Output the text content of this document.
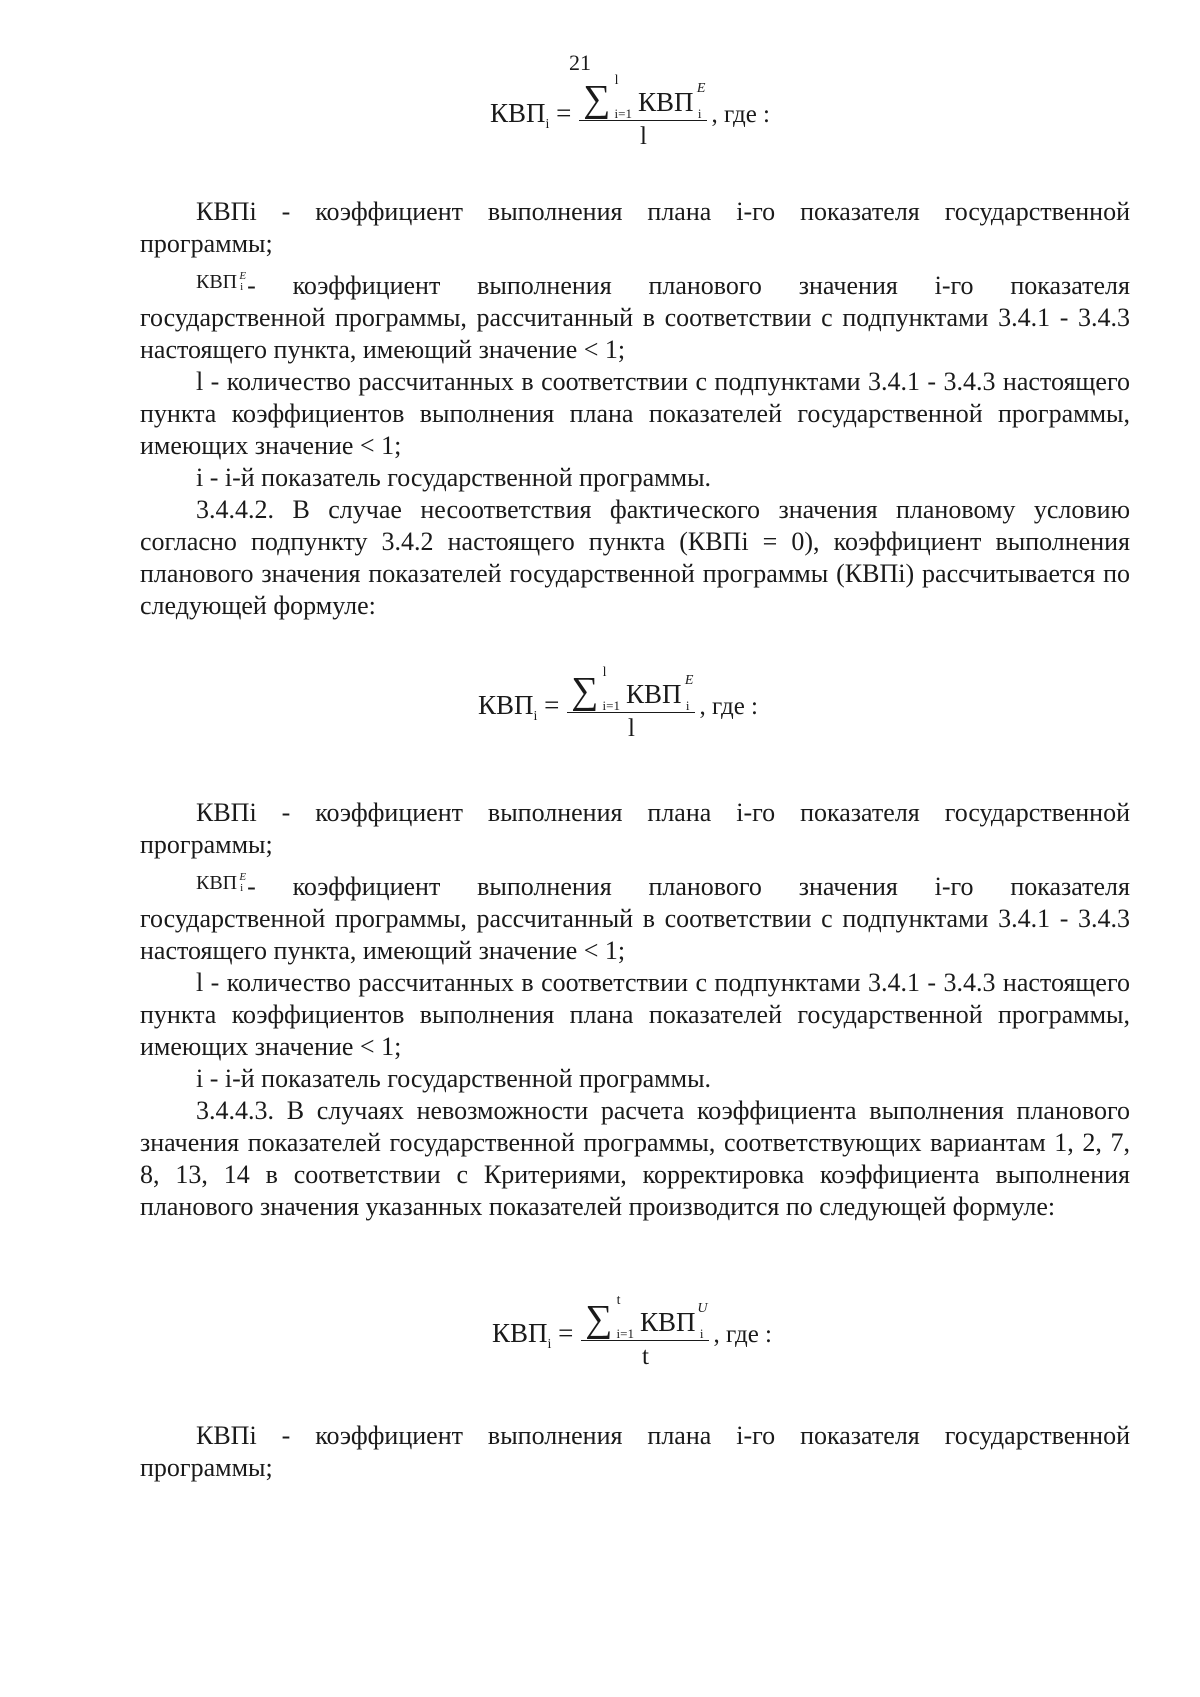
21
$КВП_i$ = ∑ l
i=1 КВП E
i
l , где :

КВПi - коэффициент выполнения плана i-го показателя государственной программы;

КВП E
i - коэффициент выполнения планового значения i-го показателя государственной программы, рассчитанный в соответствии с подпунктами 3.4.1 - 3.4.3 настоящего пункта, имеющий значение < 1;

l - количество рассчитанных в соответствии с подпунктами 3.4.1 - 3.4.3 настоящего пункта коэффициентов выполнения плана показателей государственной программы, имеющих значение < 1;

i - i-й показатель государственной программы.

3.4.4.2. В случае несоответствия фактического значения плановому условию согласно подпункту 3.4.2 настоящего пункта (КВПi = 0), коэффициент выполнения планового значения показателей государственной программы (КВПi) рассчитывается по следующей формуле:

$КВП_i$ = ∑ l
i=1 КВП E
i
l , где :

КВПi - коэффициент выполнения плана i-го показателя государственной программы;

КВП E
i - коэффициент выполнения планового значения i-го показателя государственной программы, рассчитанный в соответствии с подпунктами 3.4.1 - 3.4.3 настоящего пункта, имеющий значение < 1;

l - количество рассчитанных в соответствии с подпунктами 3.4.1 - 3.4.3 настоящего пункта коэффициентов выполнения плана показателей государственной программы, имеющих значение < 1;

i - i-й показатель государственной программы.

3.4.4.3. В случаях невозможности расчета коэффициента выполнения планового значения показателей государственной программы, соответствующих вариантам 1, 2, 7, 8, 13, 14 в соответствии с Критериями, корректировка коэффициента выполнения планового значения указанных показателей производится по следующей формуле:

$КВП_i$ = ∑ t
i=1 КВП U
i
t , где :

КВПi - коэффициент выполнения плана i-го показателя государственной программы;
